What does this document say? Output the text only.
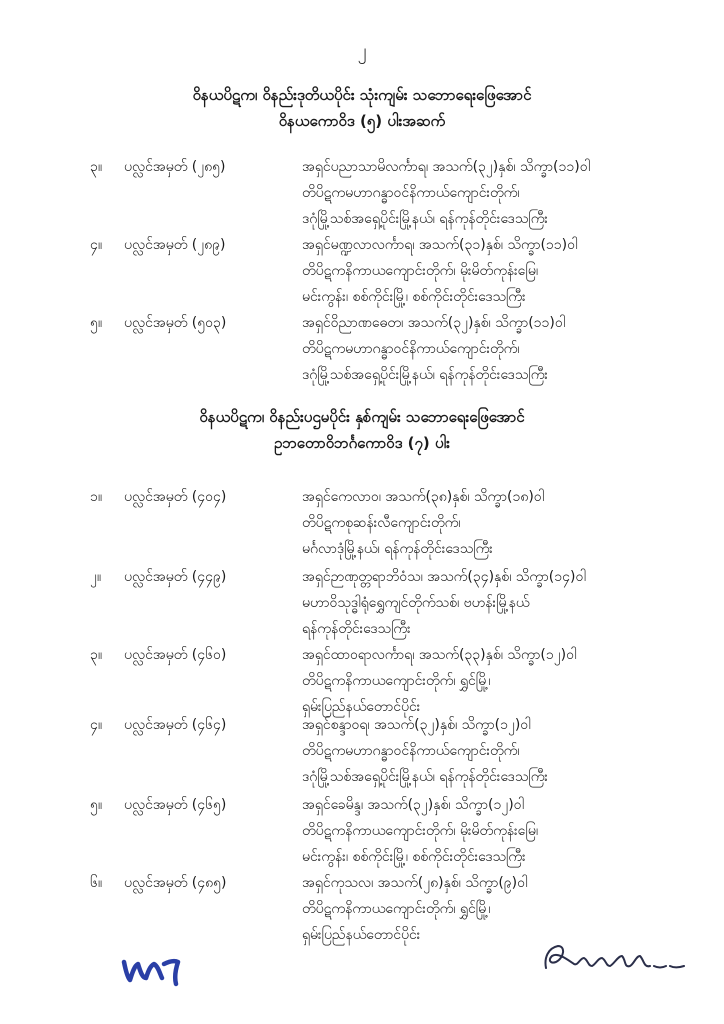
၂
ဝိနယပိဋက၊ ဝိနည်းဒုတိယပိုင်း သုံးကျမ်း သဘောရေးဖြေအောင်
ဝိနယကောဝိဒ (၅) ပါးအဆက်
၃။ ပလ္လင်အမှတ် (၂၈၅)	အရှင်ပညာသာမိလင်္ကာရ၊ အသက်(၃၂)နှစ်၊ သိက္ခာ(၁၁)ဝါ
တိပိဋကမဟာဂန္ဓာဝင်နိကာယ်ကျောင်းတိုက်၊
ဒဂုံမြို့သစ်အရှေ့ပိုင်းမြို့နယ်၊ ရန်ကုန်တိုင်းဒေသကြီး
၄။ ပလ္လင်အမှတ် (၂၈၉)	အရှင်မဏ္ဍလာလင်္ကာရ၊ အသက်(၃၁)နှစ်၊ သိက္ခာ(၁၁)ဝါ
တိပိဋကနိကာယကျောင်းတိုက်၊ မိုးမိတ်ကုန်းမြေ၊
မင်းကွန်း၊ စစ်ကိုင်းမြို့၊ စစ်ကိုင်းတိုင်းဒေသကြီး
၅။ ပလ္လင်အမှတ် (၅၀၃)	အရှင်ဝိညာဏဓေတ၊ အသက်(၃၂)နှစ်၊ သိက္ခာ(၁၁)ဝါ
တိပိဋကမဟာဂန္ဓာဝင်နိကာယ်ကျောင်းတိုက်၊
ဒဂုံမြို့သစ်အရှေ့ပိုင်းမြို့နယ်၊ ရန်ကုန်တိုင်းဒေသကြီး
ဝိနယပိဋက၊ ဝိနည်းပဌမပိုင်း နှစ်ကျမ်း သဘောရေးဖြေအောင်
ဥဘတောဝိဘင်္ဂကောဝိဒ (၇) ပါး
၁။ ပလ္လင်အမှတ် (၄၀၄)	အရှင်ကေလာဝ၊ အသက်(၃၈)နှစ်၊ သိက္ခာ(၁၈)ဝါ
တိပိဋကစုဆန်းလီကျောင်းတိုက်၊
မင်္ဂလာဒုံမြို့နယ်၊ ရန်ကုန်တိုင်းဒေသကြီး
၂။ ပလ္လင်အမှတ် (၄၄၉)	အရှင်ဉာဏုတ္တရာဘိဝံသ၊ အသက်(၃၄)နှစ်၊ သိက္ခာ(၁၄)ဝါ
မဟာဝိသုဒ္ဓါရုံရွှေကျင်တိုက်သစ်၊ ဗဟန်းမြို့နယ်
ရန်ကုန်တိုင်းဒေသကြီး
၃။ ပလ္လင်အမှတ် (၄၆၀)	အရှင်ထာဝရာလင်္ကာရ၊ အသက်(၃၃)နှစ်၊ သိက္ခာ(၁၂)ဝါ
တိပိဋကနိကာယကျောင်းတိုက်၊ ရွှင်မြို့၊
ရှမ်းပြည်နယ်တောင်ပိုင်း
၄။ ပလ္လင်အမှတ် (၄၆၄)	အရှင်စန္ဒာဝရ၊ အသက်(၃၂)နှစ်၊ သိက္ခာ(၁၂)ဝါ
တိပိဋကမဟာဂန္ဓာဝင်နိကာယ်ကျောင်းတိုက်၊
ဒဂုံမြို့သစ်အရှေ့ပိုင်းမြို့နယ်၊ ရန်ကုန်တိုင်းဒေသကြီး
၅။ ပလ္လင်အမှတ် (၄၆၅)	အရှင်ခေမိန္ဒ၊ အသက်(၃၂)နှစ်၊ သိက္ခာ(၁၂)ဝါ
တိပိဋကနိကာယကျောင်းတိုက်၊ မိုးမိတ်ကုန်းမြေ၊
မင်းကွန်း၊ စစ်ကိုင်းမြို့၊ စစ်ကိုင်းတိုင်းဒေသကြီး
၆။ ပလ္လင်အမှတ် (၄၈၅)	အရှင်ကုသလ၊ အသက်(၂၈)နှစ်၊ သိက္ခာ(၉)ဝါ
တိပိဋကနိကာယကျောင်းတိုက်၊ ရွှင်မြို့၊
ရှမ်းပြည်နယ်တောင်ပိုင်း
